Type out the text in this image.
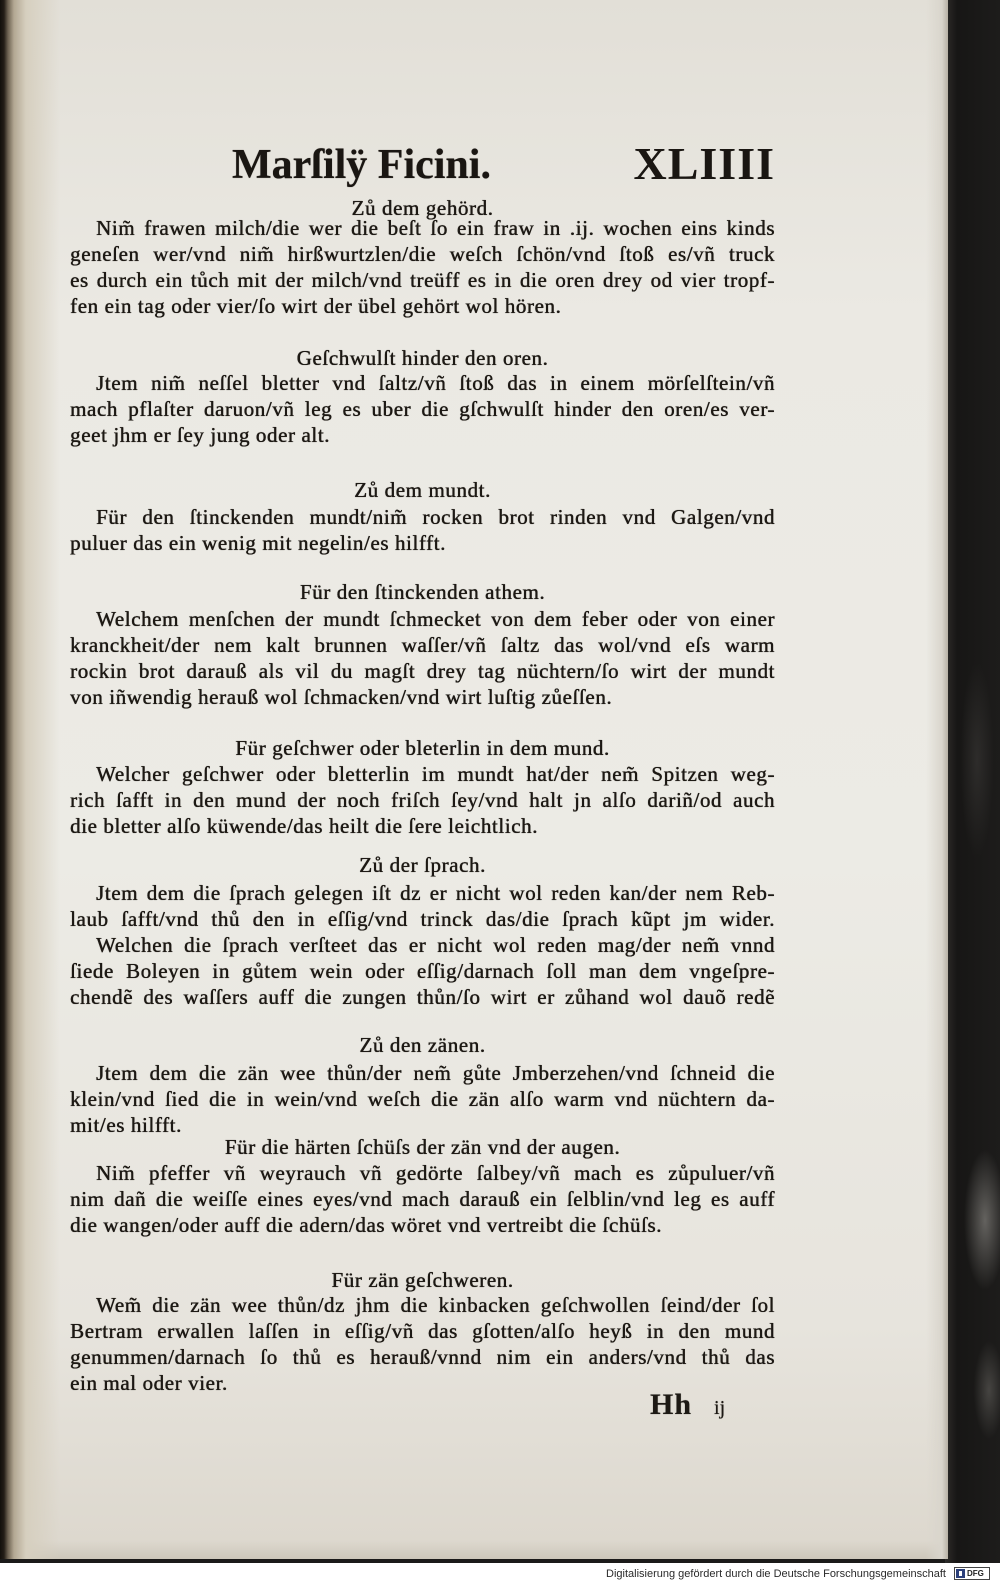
Marſilÿ Ficini.	XLIIII
Zů dem gehörd.
Nim̃ frawen milch/die wer die beſt ſo ein fraw in .ij. wochen eins kinds
geneſen wer/vnd nim̃ hirßwurtzlen/die weſch ſchön/vnd ſtoß es/vñ truck
es durch ein tůch mit der milch/vnd treüff es in die oren drey od vier tropf-
fen ein tag oder vier/ſo wirt der übel gehört wol hören.
Geſchwulſt hinder den oren.
Jtem nim̃ neſſel bletter vnd ſaltz/vñ ſtoß das in einem mörſelſtein/vñ
mach pflaſter daruon/vñ leg es uber die gſchwulſt hinder den oren/es ver-
geet jhm er ſey jung oder alt.
Zů dem mundt.
Für den ſtinckenden mundt/nim̃ rocken brot rinden vnd Galgen/vnd
puluer das ein wenig mit negelin/es hilfft.
Für den ſtinckenden athem.
Welchem menſchen der mundt ſchmecket von dem feber oder von einer
kranckheit/der nem kalt brunnen waſſer/vñ ſaltz das wol/vnd eſs warm
rockin brot darauß als vil du magſt drey tag nüchtern/ſo wirt der mundt
von iñwendig herauß wol ſchmacken/vnd wirt luſtig zůeſſen.
Für geſchwer oder bleterlin in dem mund.
Welcher geſchwer oder bletterlin im mundt hat/der nem̃ Spitzen weg-
rich ſafft in den mund der noch friſch ſey/vnd halt jn alſo dariñ/od auch
die bletter alſo küwende/das heilt die ſere leichtlich.
Zů der ſprach.
Jtem dem die ſprach gelegen iſt dz er nicht wol reden kan/der nem Reb-
laub ſafft/vnd thů den in eſſig/vnd trinck das/die ſprach kũpt jm wider.
Welchen die ſprach verſteet das er nicht wol reden mag/der nem̃ vnnd
ſiede Boleyen in gůtem wein oder eſſig/darnach ſoll man dem vngeſpre-
chendẽ des waſſers auff die zungen thůn/ſo wirt er zůhand wol dauõ redẽ
Zů den zänen.
Jtem dem die zän wee thůn/der nem̃ gůte Jmberzehen/vnd ſchneid die
klein/vnd ſied die in wein/vnd weſch die zän alſo warm vnd nüchtern da-
mit/es hilfft.
Für die härten ſchüſs der zän vnd der augen.
Nim̃ pfeffer vñ weyrauch vñ gedörte ſalbey/vñ mach es zůpuluer/vñ
nim dañ die weiſſe eines eyes/vnd mach darauß ein ſelblin/vnd leg es auff
die wangen/oder auff die adern/das wöret vnd vertreibt die ſchüſs.
Für zän geſchweren.
Wem̃ die zän wee thůn/dz jhm die kinbacken geſchwollen ſeind/der ſol
Bertram erwallen laſſen in eſſig/vñ das gſotten/alſo heyß in den mund
genummen/darnach ſo thů es herauß/vnnd nim ein anders/vnd thů das
ein mal oder vier.
Hh ij
Digitalisierung gefördert durch die Deutsche Forschungsgemeinschaft	DFG
